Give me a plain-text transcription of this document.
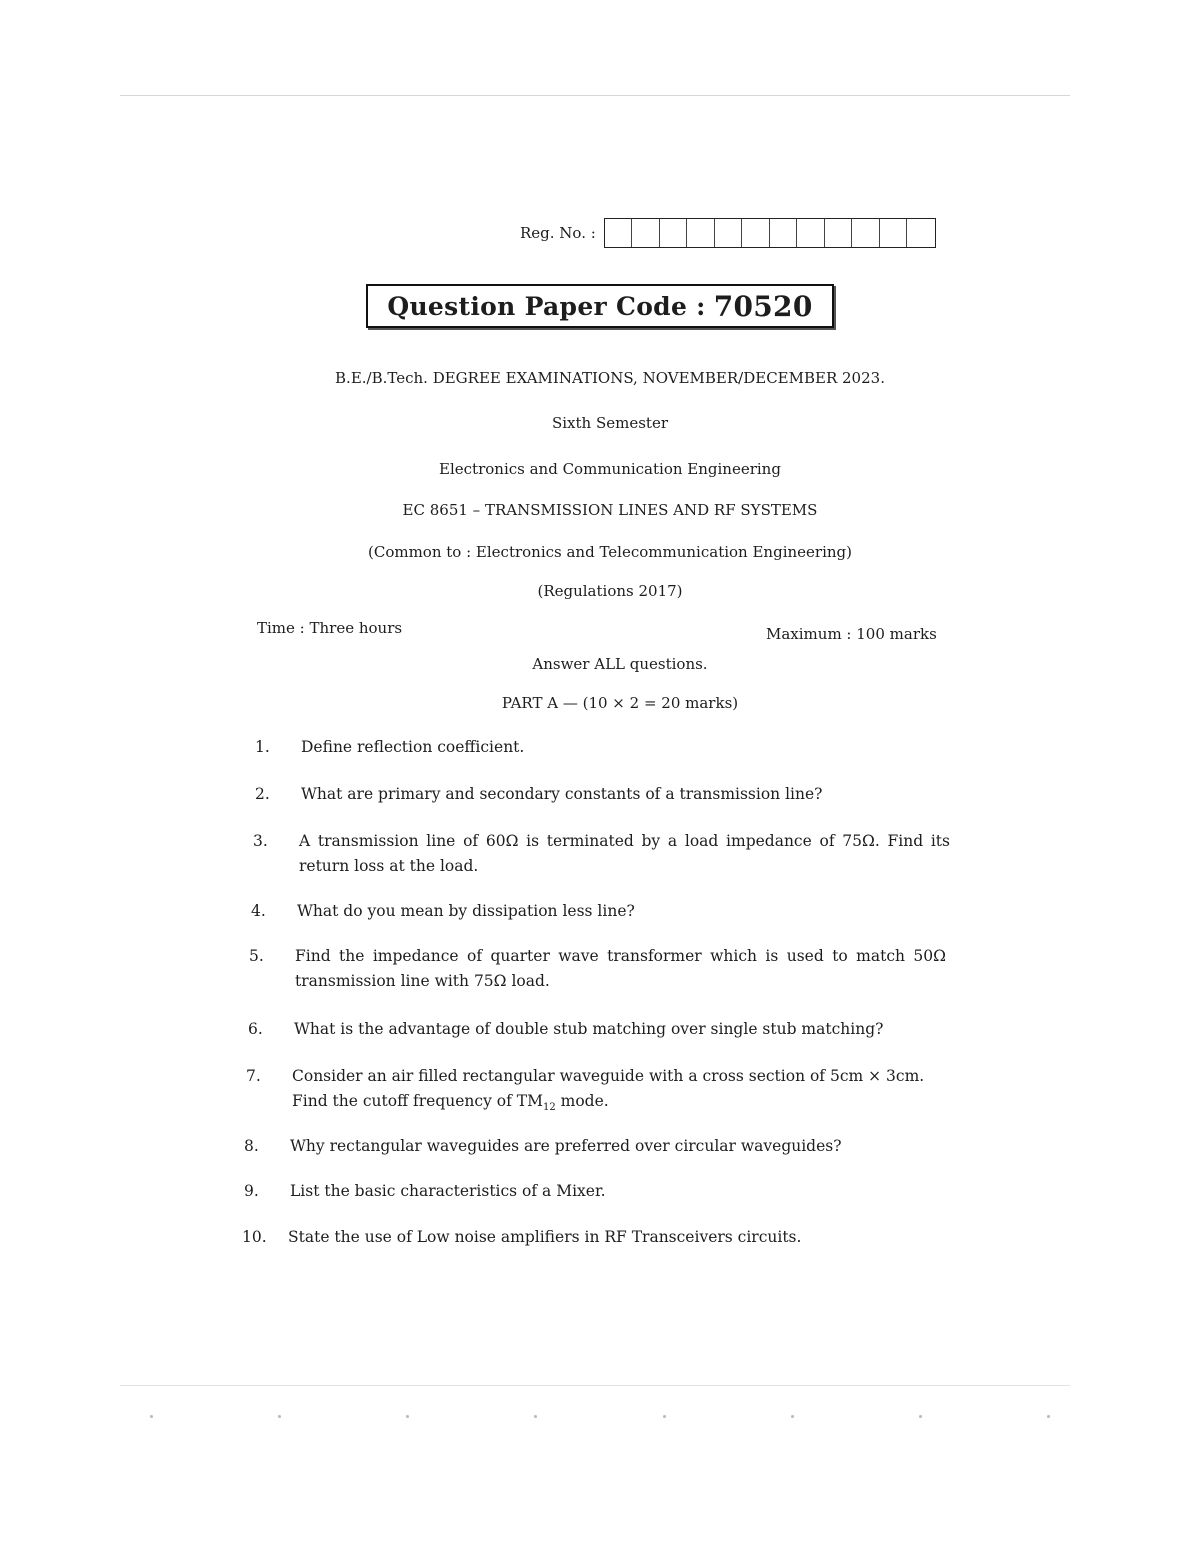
Reg. No. :
Question Paper Code : 70520
B.E./B.Tech. DEGREE EXAMINATIONS, NOVEMBER/DECEMBER 2023.
Sixth Semester
Electronics and Communication Engineering
EC 8651 – TRANSMISSION LINES AND RF SYSTEMS
(Common to : Electronics and Telecommunication Engineering)
(Regulations 2017)
Time : Three hours	Maximum : 100 marks
Answer ALL questions.
PART A — (10 × 2 = 20 marks)
1.	Define reflection coefficient.
2.	What are primary and secondary constants of a transmission line?
3.	A transmission line of 60Ω is terminated by a load impedance of 75Ω. Find its return loss at the load.
4.	What do you mean by dissipation less line?
5.	Find the impedance of quarter wave transformer which is used to match 50Ω transmission line with 75Ω load.
6.	What is the advantage of double stub matching over single stub matching?
7.	Consider an air filled rectangular waveguide with a cross section of 5cm × 3cm. Find the cutoff frequency of $TM_{12}$ mode.
8.	Why rectangular waveguides are preferred over circular waveguides?
9.	List the basic characteristics of a Mixer.
10.	State the use of Low noise amplifiers in RF Transceivers circuits.
